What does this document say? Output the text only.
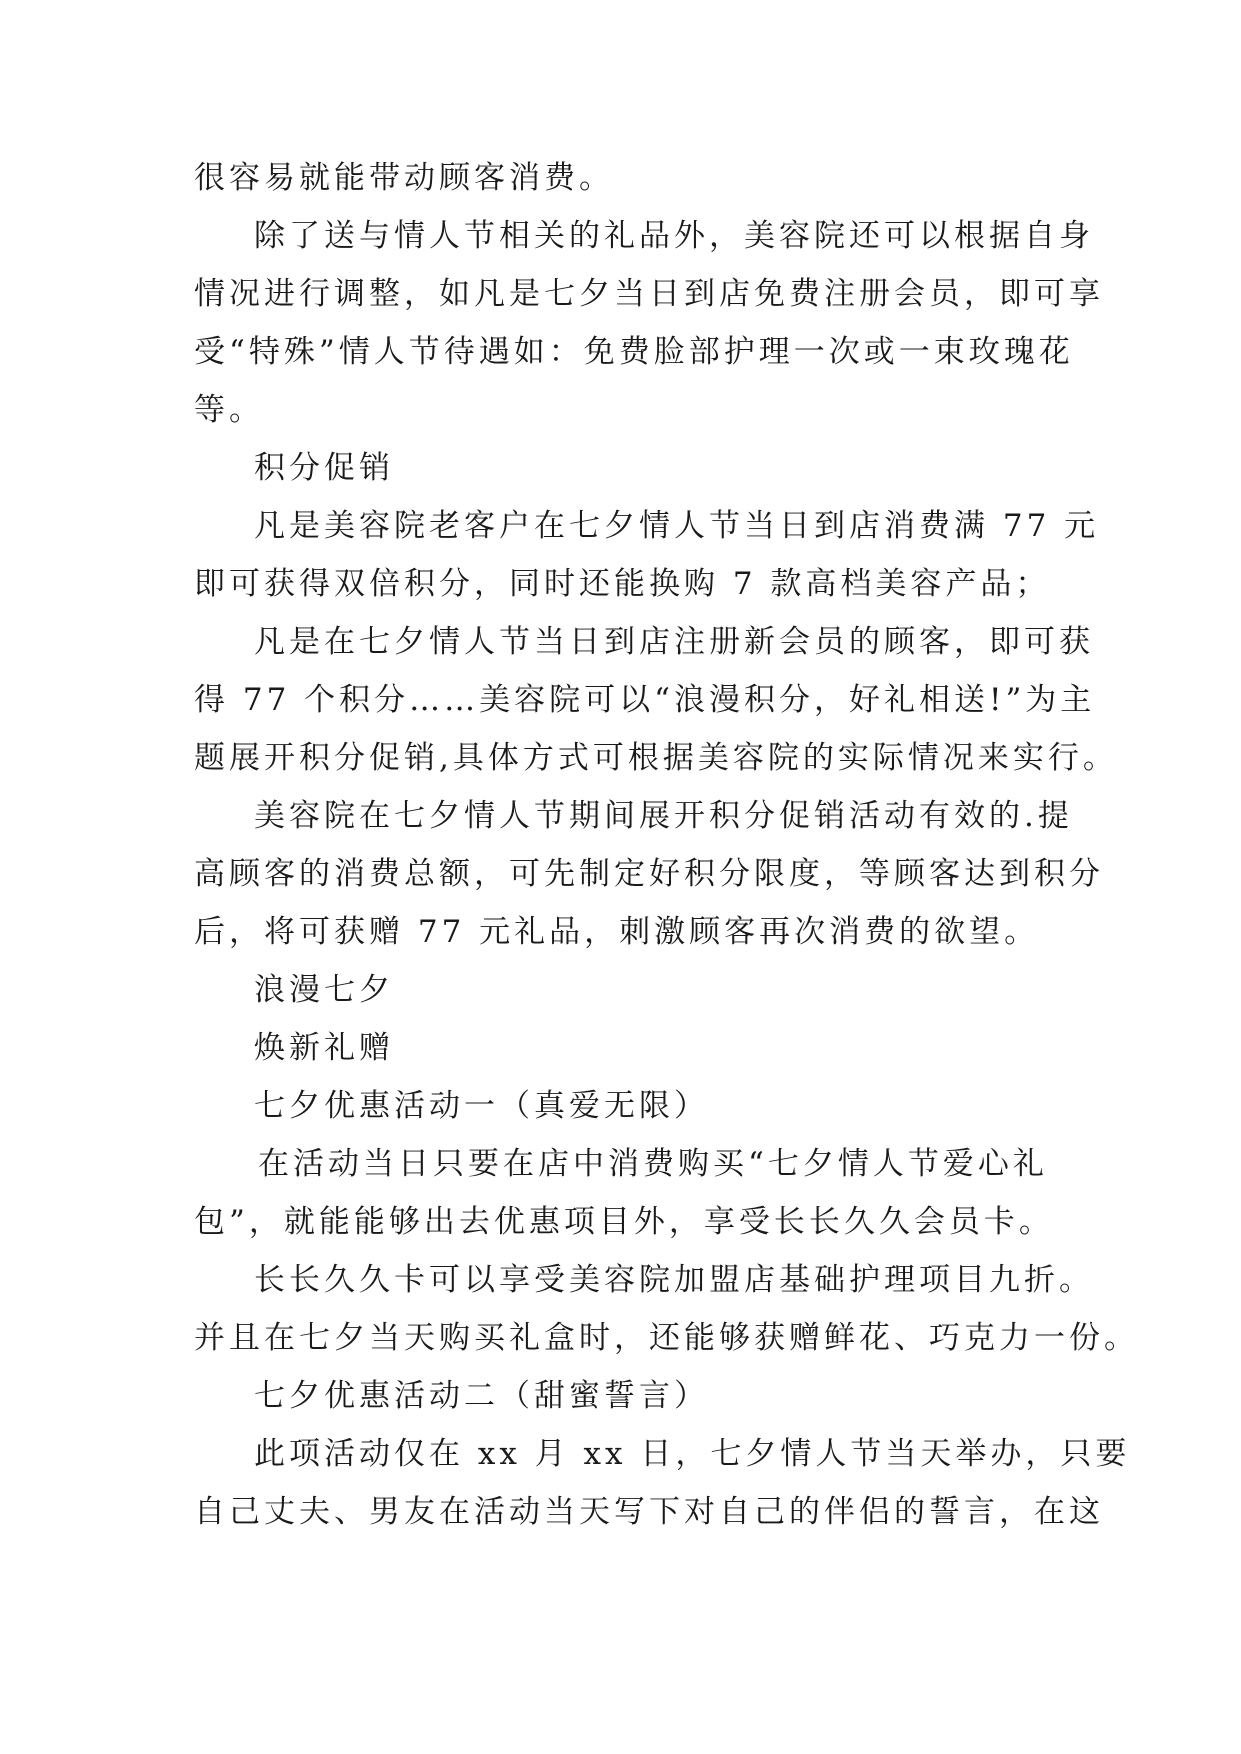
很容易就能带动顾客消费。
除了送与情人节相关的礼品外，美容院还可以根据自身
情况进行调整，如凡是七夕当日到店免费注册会员，即可享
受“特殊”情人节待遇如：免费脸部护理一次或一束玫瑰花
等。
积分促销
凡是美容院老客户在七夕情人节当日到店消费满 77 元
即可获得双倍积分，同时还能换购 7 款高档美容产品；
凡是在七夕情人节当日到店注册新会员的顾客，即可获
得 77 个积分……美容院可以“浪漫积分，好礼相送!”为主
题展开积分促销,具体方式可根据美容院的实际情况来实行。
美容院在七夕情人节期间展开积分促销活动有效的.提
高顾客的消费总额，可先制定好积分限度，等顾客达到积分
后，将可获赠 77 元礼品，刺激顾客再次消费的欲望。
浪漫七夕
焕新礼赠
七夕优惠活动一（真爱无限）
在活动当日只要在店中消费购买“七夕情人节爱心礼
包”，就能能够出去优惠项目外，享受长长久久会员卡。
长长久久卡可以享受美容院加盟店基础护理项目九折。
并且在七夕当天购买礼盒时，还能够获赠鲜花、巧克力一份。
七夕优惠活动二（甜蜜誓言）
此项活动仅在 xx 月 xx 日，七夕情人节当天举办，只要
自己丈夫、男友在活动当天写下对自己的伴侣的誓言，在这
